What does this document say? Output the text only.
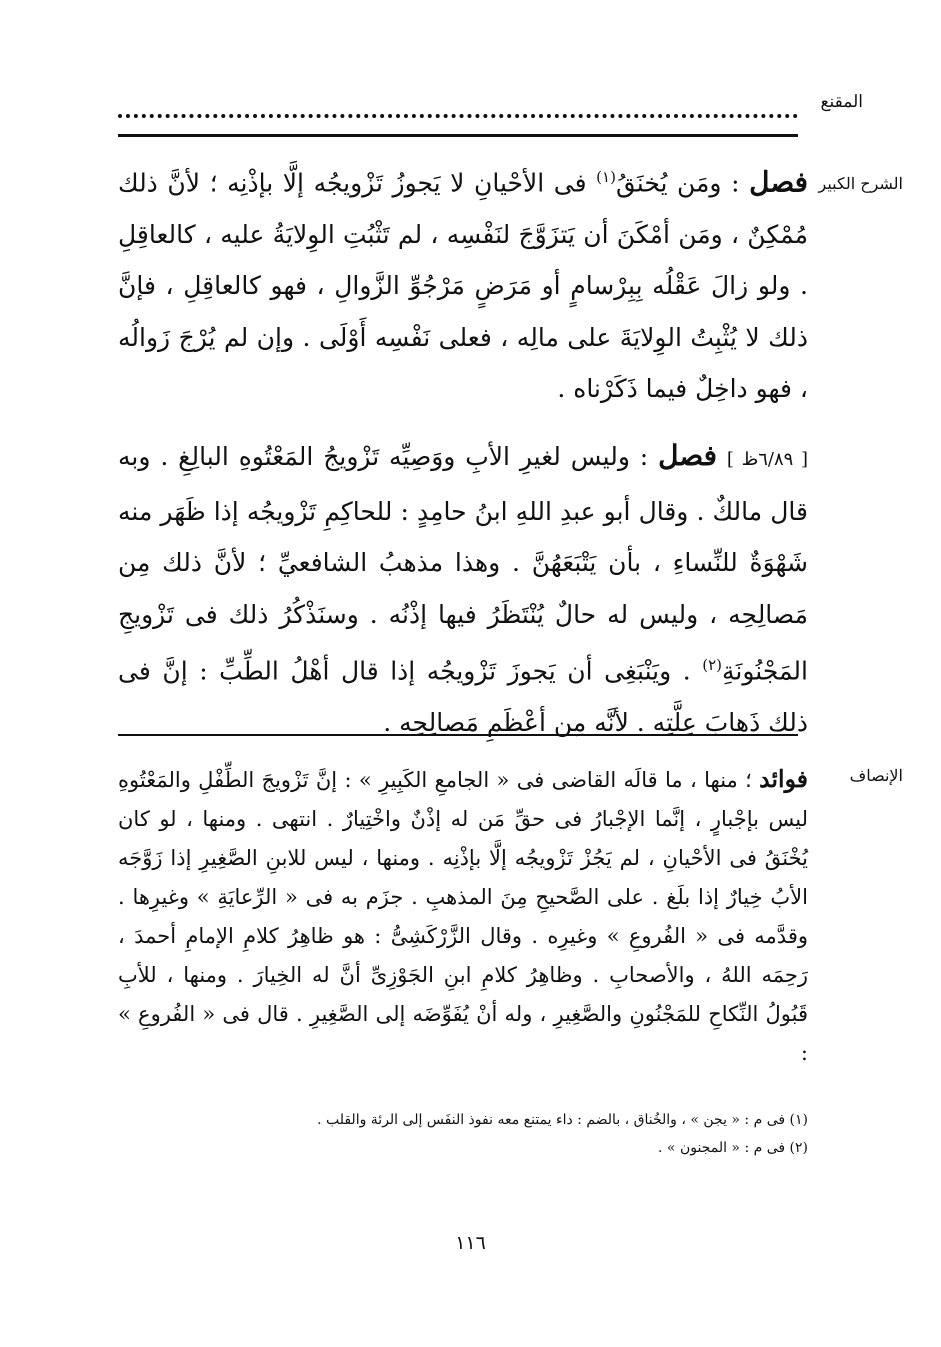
المقنع
الشرح الكبير

فصل : ومَن يُخنَقُ$^{(١)}$ فى الأحْيانِ لا يَجوزُ تَزْويجُه إلَّا بإذْنِه ؛ لأنَّ ذلك مُمْكِنٌ ، ومَن أمْكَنَ أن يَتزَوَّجَ لنَفْسِه ، لم تَثْبُتِ الوِلايَةُ عليه ، كالعاقِلِ . ولو زالَ عَقْلُه بِبِرْسامٍ أو مَرَضٍ مَرْجُوِّ الزَّوالِ ، فهو كالعاقِلِ ، فإنَّ ذلك لا يُثْبِتُ الوِلايَةَ على مالِه ، فعلى نَفْسِه أَوْلَى . وإن لم يُرْجَ زَوالُه ، فهو داخِلٌ فيما ذَكَرْناه .

[ ٦/٨٩ظ ] فصل : وليس لغيرِ الأبِ ووَصِيِّه تَزْويجُ المَعْتُوهِ البالِغِ . وبه قال مالكٌ . وقال أبو عبدِ اللهِ ابنُ حامِدٍ : للحاكِمِ تَزْويجُه إذا ظَهَر منه شَهْوَةٌ للنِّساءِ ، بأن يَتْبَعَهُنَّ . وهذا مذهبُ الشافعيِّ ؛ لأنَّ ذلك مِن مَصالِحِه ، وليس له حالٌ يُنْتَظَرُ فيها إذْنُه . وسنَذْكُرُ ذلك فى تَزْويجِ المَجْنُونَةِ$^{(٢)}$ . ويَنْبَغِى أن يَجوزَ تَزْويجُه إذا قال أهْلُ الطِّبِّ : إنَّ فى ذلك ذَهابَ عِلَّتِه . لأنَّه مِن أعْظَمِ مَصالِحِه .

الإنصاف

فوائد ؛ منها ، ما قالَه القاضى فى « الجامعِ الكَبِيرِ » : إنَّ تَزْويجَ الطِّفْلِ والمَعْتُوهِ ليس بإجْبارٍ ، إنَّما الإجْبارُ فى حقِّ مَن له إذْنٌ واخْتِيارٌ . انتهى . ومنها ، لو كان يُخْنَقُ فى الأحْيانِ ، لم يَجُزْ تَزْويجُه إلَّا بإذْنِه . ومنها ، ليس للابنِ الصَّغِيرِ إذا زَوَّجَه الأبُ خِيارٌ إذا بلَغ . على الصَّحيحِ مِنَ المذهبِ . جزَم به فى « الرِّعايَةِ » وغيرِها . وقدَّمه فى « الفُروعِ » وغيرِه . وقال الزَّرْكَشِىُّ : هو ظاهِرُ كلامِ الإمامِ أحمدَ ، رَحِمَه اللهُ ، والأصحابِ . وظاهِرُ كلامِ ابنِ الجَوْزِىِّ أنَّ له الخِيارَ . ومنها ، للأبِ قَبُولُ النِّكاحِ للمَجْنُونِ والصَّغِيرِ ، وله أنْ يُفَوِّضَه إلى الصَّغِيرِ . قال فى « الفُروعِ » :

(١) فى م : « يجن » ، والخُناق ، بالضم : داء يمتنع معه نفوذ النفَس إلى الرئة والقلب .

(٢) فى م : « المجنون » .

١١٦
